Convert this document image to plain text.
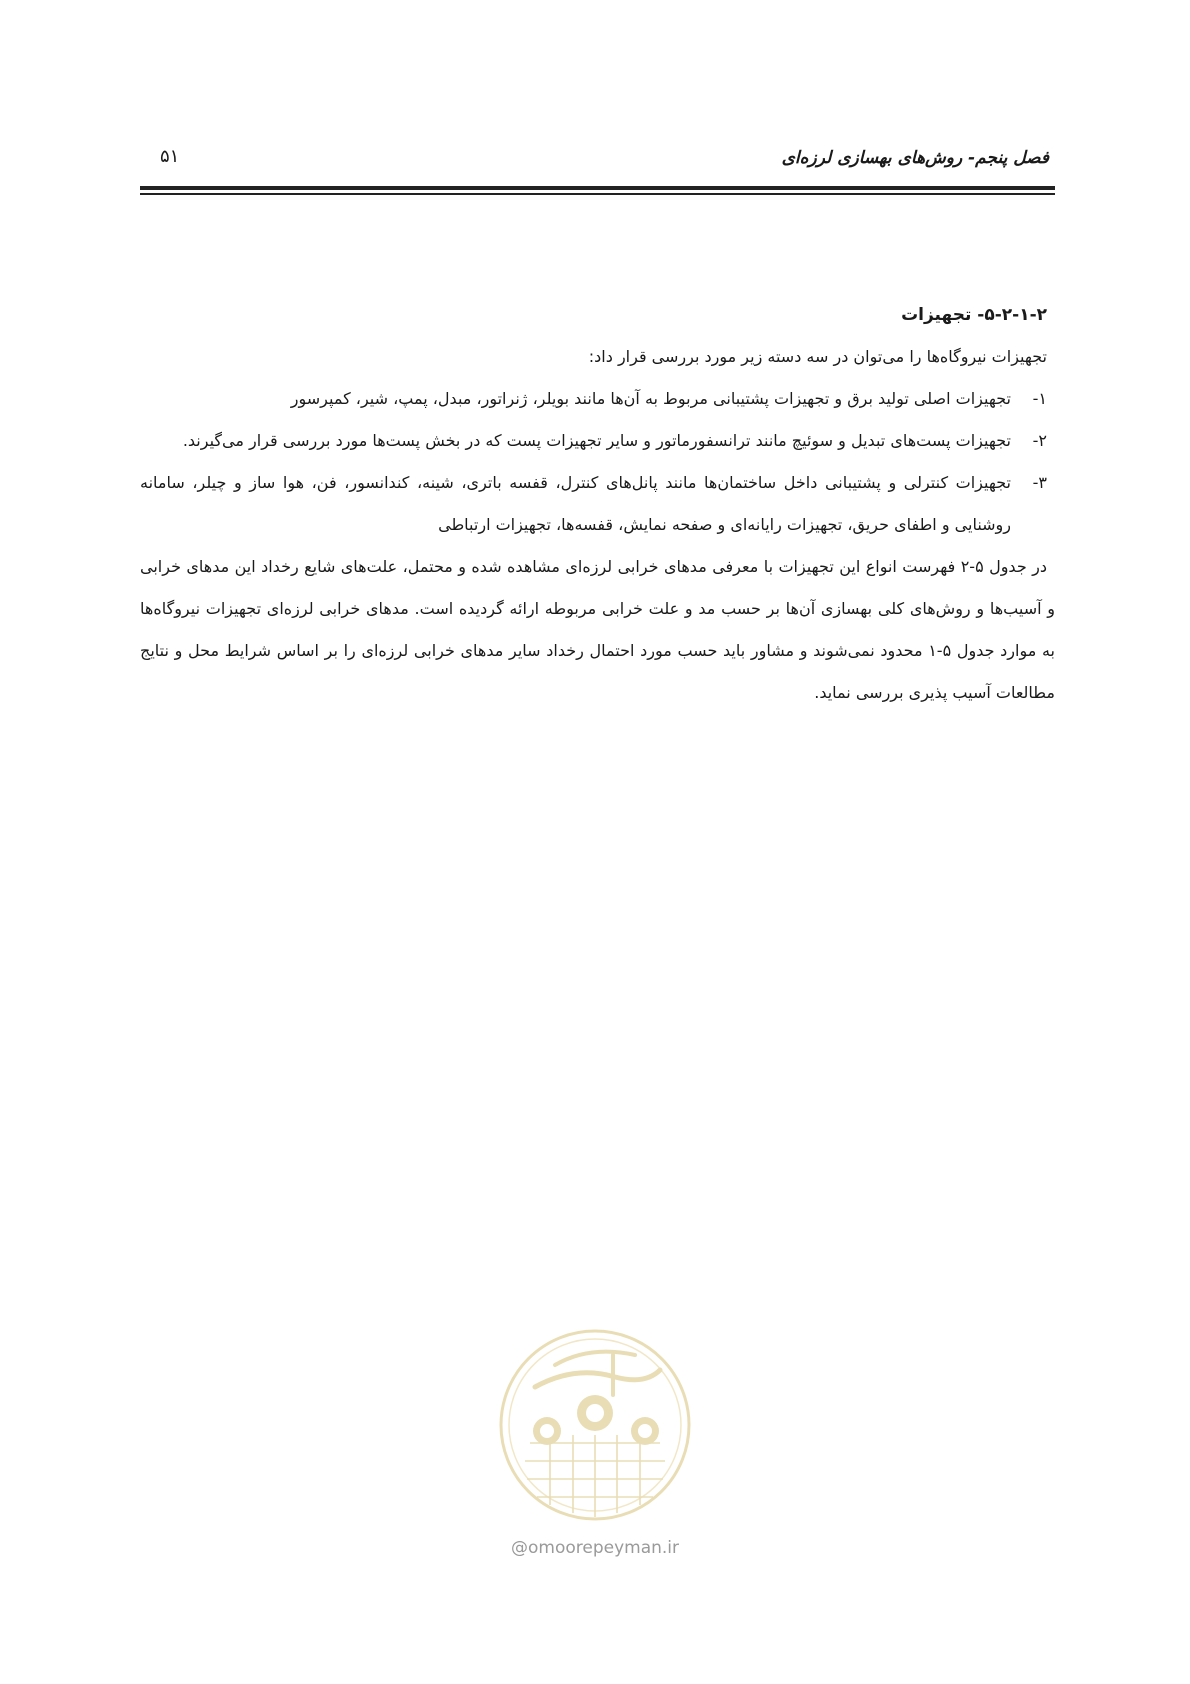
فصل پنجم- روش‌های بهسازی لرزه‌ای
۵۱
۵-۲-۱-۲- تجهیزات

تجهیزات نیروگاه‌ها را می‌توان در سه دسته زیر مورد بررسی قرار داد:

۱-
تجهیزات اصلی تولید برق و تجهیزات پشتیبانی مربوط به آن‌ها مانند بویلر، ژنراتور، مبدل، پمپ، شیر، کمپرسور
۲-
تجهیزات پست‌های تبدیل و سوئیچ مانند ترانسفورماتور و سایر تجهیزات پست که در بخش پست‌ها مورد بررسی قرار می‌گیرند.
۳-
تجهیزات کنترلی و پشتیبانی داخل ساختمان‌ها مانند پانل‌های کنترل، قفسه باتری، شینه، کندانسور، فن، هوا ساز و چیلر، سامانه روشنایی و اطفای حریق، تجهیزات رایانه‌ای و صفحه نمایش، قفسه‌ها، تجهیزات ارتباطی

در جدول ۵-۲ فهرست انواع این تجهیزات با معرفی مدهای خرابی لرزه‌ای مشاهده شده و محتمل، علت‌های شایع رخداد این مدهای خرابی و آسیب‌ها و روش‌های کلی بهسازی آن‌ها بر حسب مد و علت خرابی مربوطه ارائه گردیده است. مدهای خرابی لرزه‌ای تجهیزات نیروگاه‌ها به موارد جدول ۵-۱ محدود نمی‌شوند و مشاور باید حسب مورد احتمال رخداد سایر مدهای خرابی لرزه‌ای را بر اساس شرایط محل و نتایج مطالعات آسیب پذیری بررسی نماید.

@omoorepeyman.ir
